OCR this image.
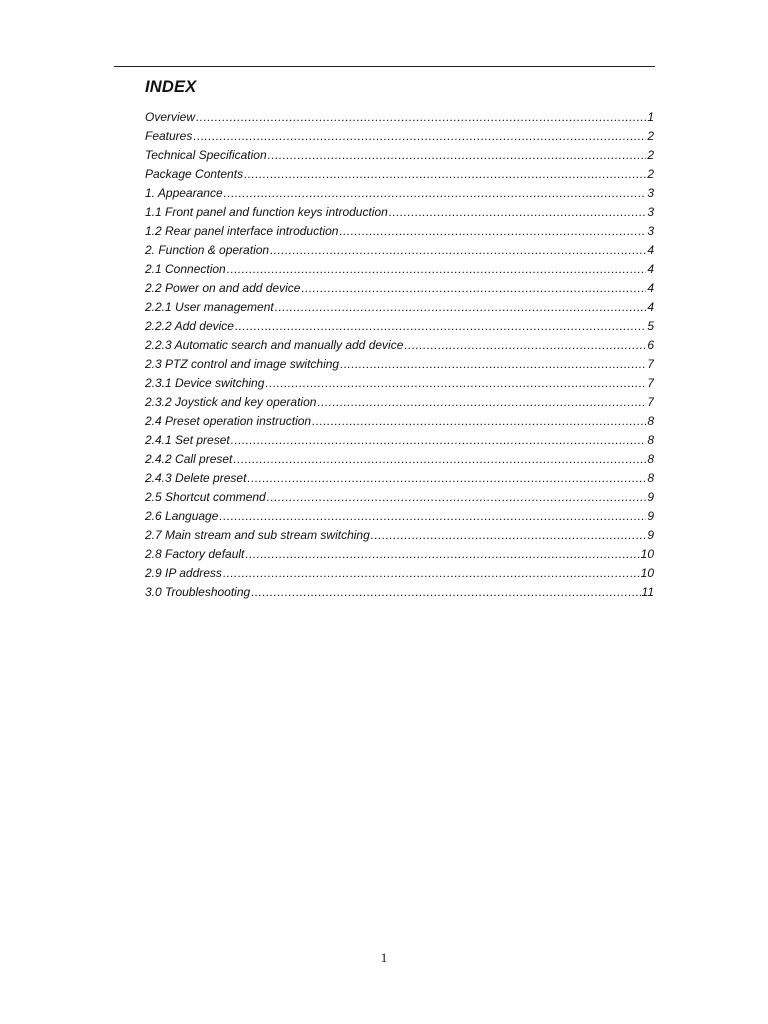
INDEX
Overview .....	1
Features .....	2
Technical Specification .....	2
Package Contents .....	2
1. Appearance .....	3
1.1 Front panel and function keys introduction .....	3
1.2 Rear panel interface introduction .....	3
2. Function & operation .....	4
2.1 Connection .....	4
2.2 Power on and add device .....	4
2.2.1 User management .....	4
2.2.2 Add device .....	5
2.2.3 Automatic search and manually add device .....	6
2.3 PTZ control and image switching .....	7
2.3.1 Device switching .....	7
2.3.2 Joystick and key operation .....	7
2.4 Preset operation instruction .....	8
2.4.1 Set preset .....	8
2.4.2 Call preset .....	8
2.4.3 Delete preset .....	8
2.5 Shortcut commend .....	9
2.6 Language .....	9
2.7 Main stream and sub stream switching .....	9
2.8 Factory default .....	10
2.9 IP address .....	10
3.0 Troubleshooting .....	11
1
